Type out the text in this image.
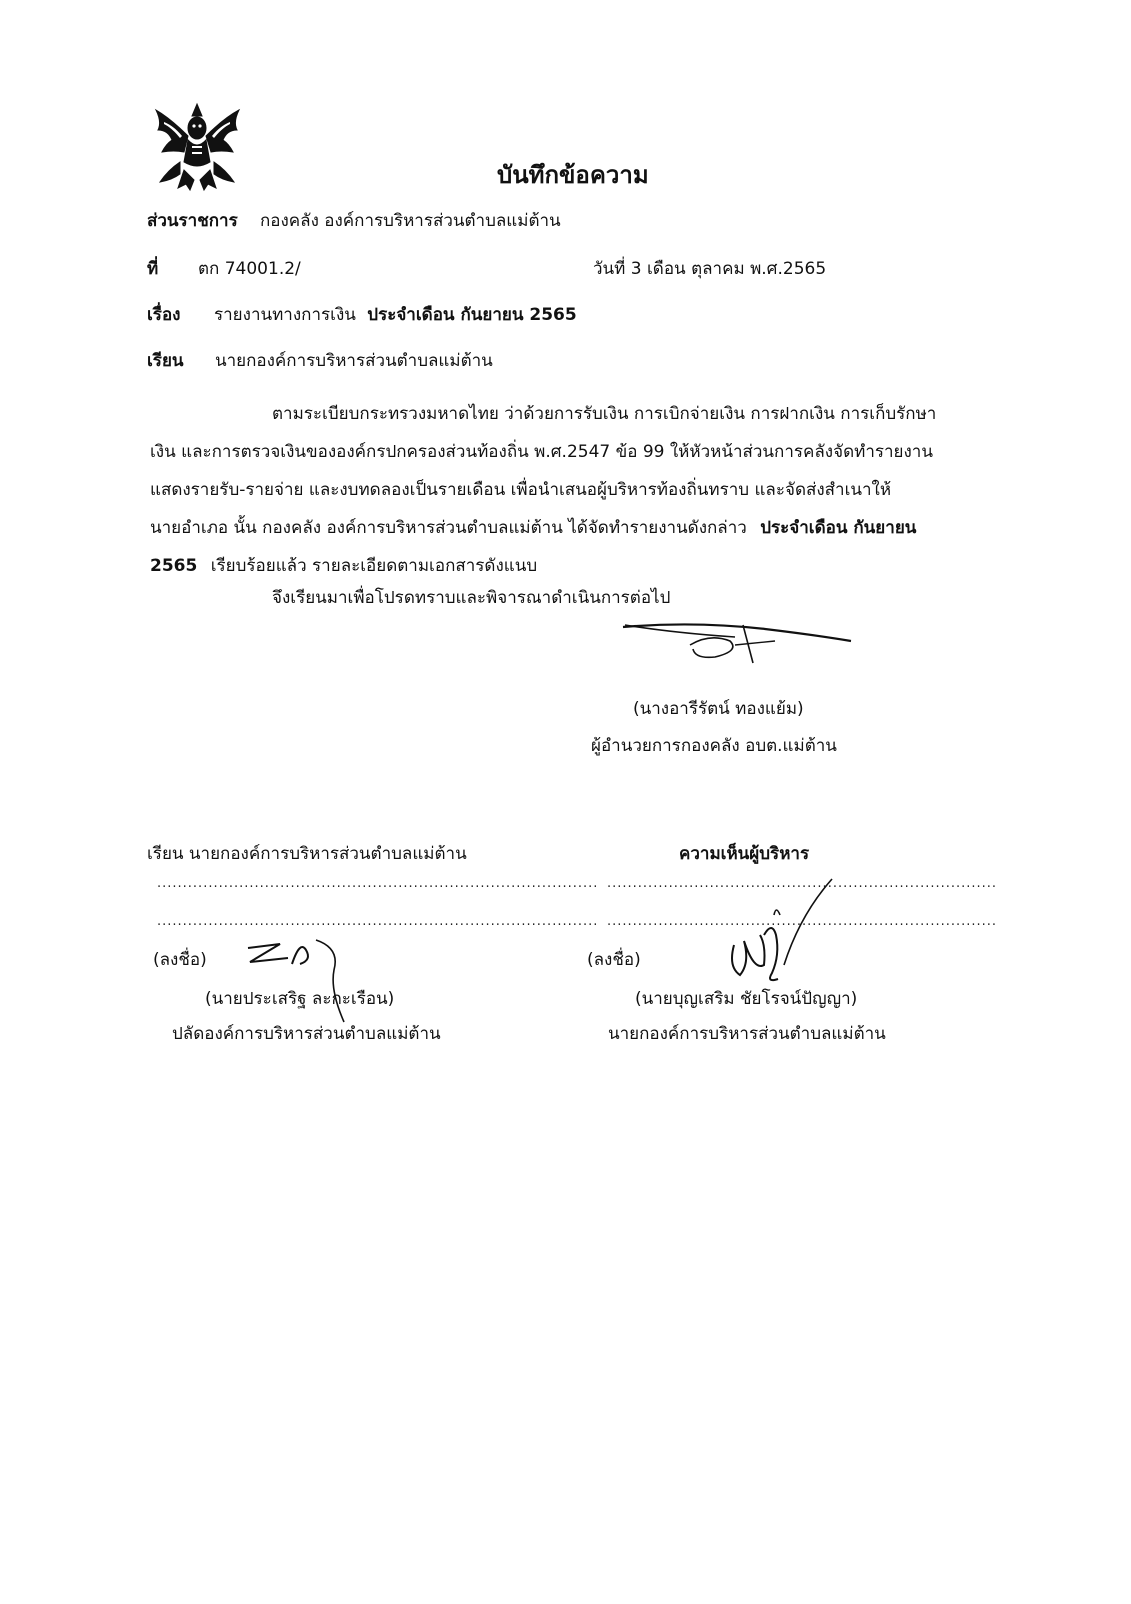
บันทึกข้อความ
ส่วนราชการ กองคลัง องค์การบริหารส่วนตำบลแม่ต้าน
ที่ ตก 74001.2/	วันที่ 3 เดือน ตุลาคม พ.ศ.2565
เรื่อง รายงานทางการเงิน ประจำเดือน กันยายน 2565
เรียน นายกองค์การบริหารส่วนตำบลแม่ต้าน
ตามระเบียบกระทรวงมหาดไทย ว่าด้วยการรับเงิน การเบิกจ่ายเงิน การฝากเงิน การเก็บรักษา
เงิน และการตรวจเงินขององค์กรปกครองส่วนท้องถิ่น พ.ศ.2547 ข้อ 99 ให้หัวหน้าส่วนการคลังจัดทำรายงาน
แสดงรายรับ-รายจ่าย และงบทดลองเป็นรายเดือน เพื่อนำเสนอผู้บริหารท้องถิ่นทราบ และจัดส่งสำเนาให้
นายอำเภอ นั้น กองคลัง องค์การบริหารส่วนตำบลแม่ต้าน ได้จัดทำรายงานดังกล่าว ประจำเดือน กันยายน
2565 เรียบร้อยแล้ว รายละเอียดตามเอกสารดังแนบ
จึงเรียนมาเพื่อโปรดทราบและพิจารณาดำเนินการต่อไป
(นางอารีรัตน์ ทองแย้ม)
ผู้อำนวยการกองคลัง อบต.แม่ต้าน
เรียน นายกองค์การบริหารส่วนตำบลแม่ต้าน
......................................................................................
......................................................................................
(ลงชื่อ)
(นายประเสริฐ ละกะเรือน)
ปลัดองค์การบริหารส่วนตำบลแม่ต้าน
ความเห็นผู้บริหาร
............................................................................
............................................................................
(ลงชื่อ)
(นายบุญเสริม ชัยโรจน์ปัญญา)
นายกองค์การบริหารส่วนตำบลแม่ต้าน
